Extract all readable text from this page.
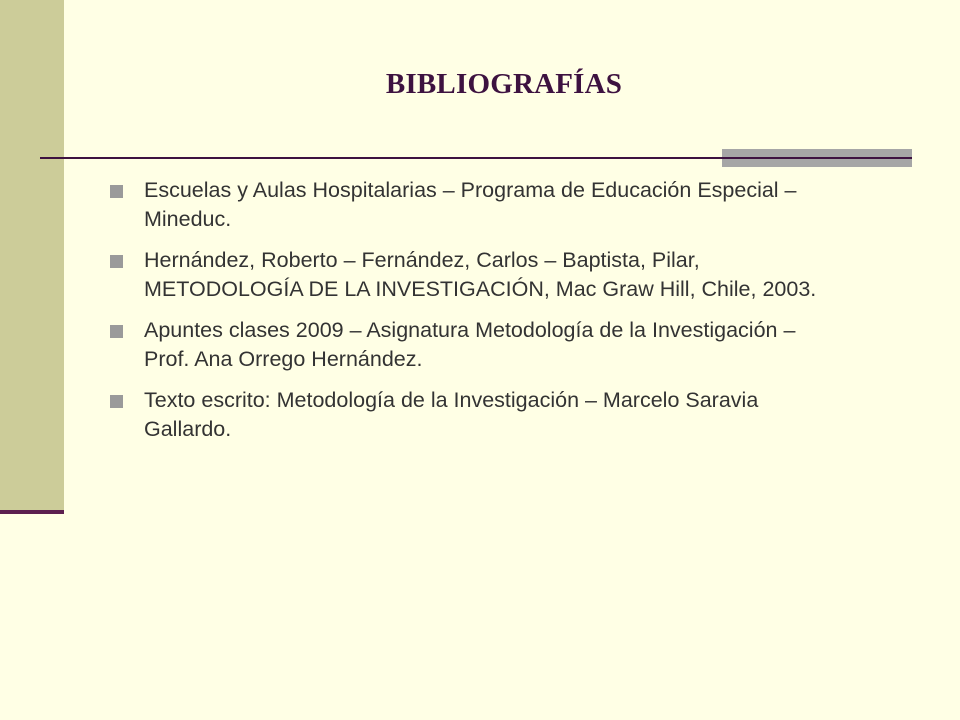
BIBLIOGRAFÍAS
Escuelas y Aulas Hospitalarias – Programa de Educación Especial – Mineduc.
Hernández, Roberto – Fernández, Carlos – Baptista, Pilar, METODOLOGÍA DE LA INVESTIGACIÓN, Mac Graw Hill, Chile, 2003.
Apuntes clases 2009 – Asignatura Metodología de la Investigación – Prof. Ana Orrego Hernández.
Texto escrito: Metodología de la Investigación – Marcelo Saravia Gallardo.
